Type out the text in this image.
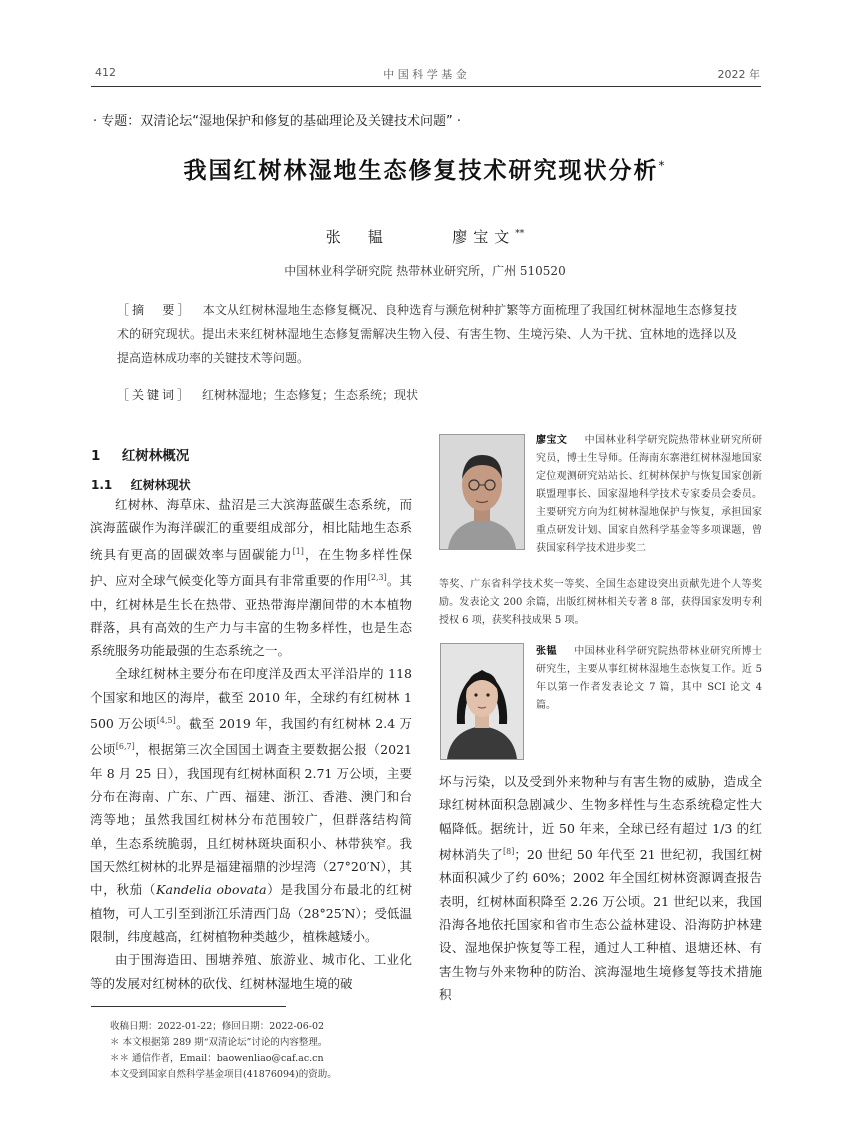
412	中 国 科 学 基 金	2022 年
· 专题：双清论坛“湿地保护和修复的基础理论及关键技术问题” ·
我国红树林湿地生态修复技术研究现状分析*
张　韫	廖宝文**
中国林业科学研究院 热带林业研究所，广州 510520
［摘　要］ 本文从红树林湿地生态修复概况、良种选育与濒危树种扩繁等方面梳理了我国红树林湿地生态修复技术的研究现状。提出未来红树林湿地生态修复需解决生物入侵、有害生物、生境污染、人为干扰、宜林地的选择以及提高造林成功率的关键技术等问题。
［关键词］ 红树林湿地；生态修复；生态系统；现状
1 红树林概况
1.1 红树林现状

红树林、海草床、盐沼是三大滨海蓝碳生态系统，而滨海蓝碳作为海洋碳汇的重要组成部分，相比陆地生态系统具有更高的固碳效率与固碳能力[1]，在生物多样性保护、应对全球气候变化等方面具有非常重要的作用[2,3]。其中，红树林是生长在热带、亚热带海岸潮间带的木本植物群落，具有高效的生产力与丰富的生物多样性，也是生态系统服务功能最强的生态系统之一。

全球红树林主要分布在印度洋及西太平洋沿岸的 118 个国家和地区的海岸，截至 2010 年，全球约有红树林 1 500 万公顷[4,5]。截至 2019 年，我国约有红树林 2.4 万公顷[6,7]，根据第三次全国国土调查主要数据公报（2021 年 8 月 25 日），我国现有红树林面积 2.71 万公顷，主要分布在海南、广东、广西、福建、浙江、香港、澳门和台湾等地；虽然我国红树林分布范围较广，但群落结构简单，生态系统脆弱，且红树林斑块面积小、林带狭窄。我国天然红树林的北界是福建福鼎的沙埕湾（27°20′N），其中，秋茄（Kandelia obovata）是我国分布最北的红树植物，可人工引至到浙江乐清西门岛（28°25′N）；受低温限制，纬度越高，红树植物种类越少，植株越矮小。

由于围海造田、围塘养殖、旅游业、城市化、工业化等的发展对红树林的砍伐、红树林湿地生境的破

廖宝文 中国林业科学研究院热带林业研究所研究员，博士生导师。任海南东寨港红树林湿地国家定位观测研究站站长、红树林保护与恢复国家创新联盟理事长、国家湿地科学技术专家委员会委员。主要研究方向为红树林湿地保护与恢复，承担国家重点研发计划、国家自然科学基金等多项课题，曾获国家科学技术进步奖二
等奖、广东省科学技术奖一等奖、全国生态建设突出贡献先进个人等奖励。发表论文 200 余篇，出版红树林相关专著 8 部，获得国家发明专利授权 6 项，获奖科技成果 5 项。
张韫 中国林业科学研究院热带林业研究所博士研究生，主要从事红树林湿地生态恢复工作。近 5 年以第一作者发表论文 7 篇，其中 SCI 论文 4 篇。

坏与污染，以及受到外来物种与有害生物的威胁，造成全球红树林面积急剧减少、生物多样性与生态系统稳定性大幅降低。据统计，近 50 年来，全球已经有超过 1/3 的红树林消失了[8]；20 世纪 50 年代至 21 世纪初，我国红树林面积减少了约 60%；2002 年全国红树林资源调查报告表明，红树林面积降至 2.26 万公顷。21 世纪以来，我国沿海各地依托国家和省市生态公益林建设、沿海防护林建设、湿地保护恢复等工程，通过人工种植、退塘还林、有害生物与外来物种的防治、滨海湿地生境修复等技术措施积

收稿日期：2022-01-22；修回日期：2022-06-02
＊ 本文根据第 289 期“双清论坛”讨论的内容整理。
＊＊ 通信作者，Email：baowenliao@caf.ac.cn
本文受到国家自然科学基金项目(41876094)的资助。
